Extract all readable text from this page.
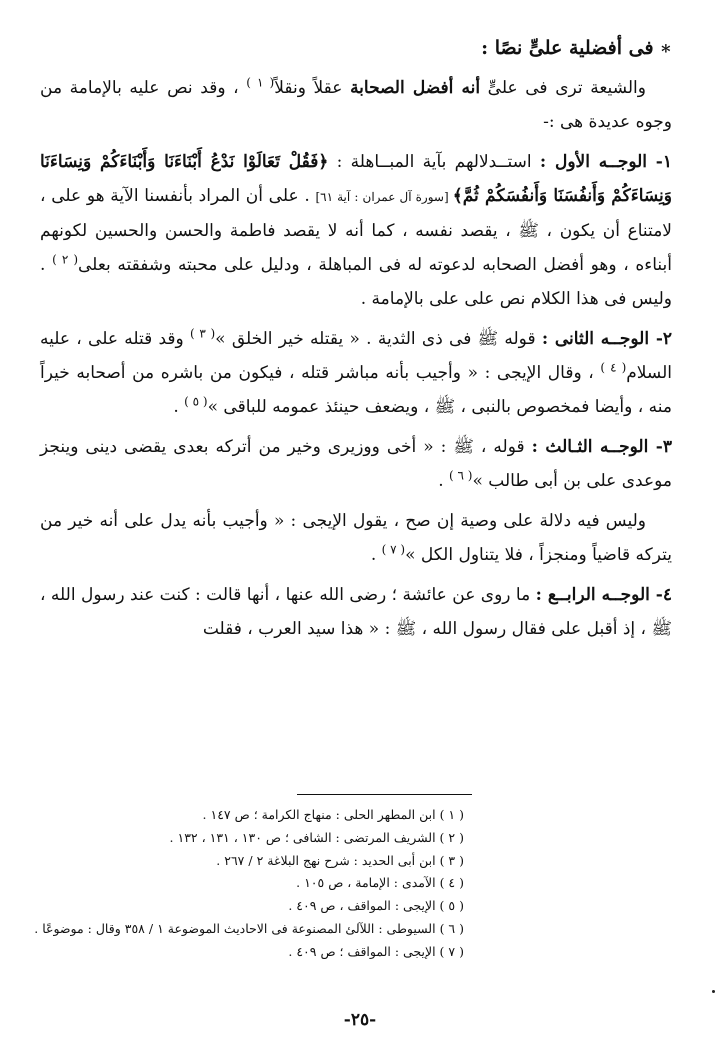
∗فى أفضلية علىٍّ نصًا :

والشيعة ترى فى علىٍّ أنه أفضل الصحابة عقلاً ونقلاً$^{( ١ )}$ ، وقد نص عليه بالإمامة من وجوه عديدة هى :-

١- الوجــه الأول : استــدلالهم بآية المبــاهلة : ﴿فَقُلْ تَعَالَوْا نَدْعُ أَبْنَاءَنَا وَأَبْنَاءَكُمْ وَنِسَاءَنَا وَنِسَاءَكُمْ وَأَنفُسَنَا وَأَنفُسَكُمْ ثُمَّ﴾ [سورة آل عمران : آية ٦١] . على أن المراد بأنفسنا الآية هو على ، لامتناع أن يكون ، ﷺ ، يقصد نفسه ، كما أنه لا يقصد فاطمة والحسن والحسين لكونهم أبناءه ، وهو أفضل الصحابه لدعوته له فى المباهلة ، ودليل على محبته وشفقته بعلى$^{( ٢ )}$ . وليس فى هذا الكلام نص على على بالإمامة .

٢- الوجــه الثانى : قوله ﷺ فى ذى الثدية . « يقتله خير الخلق »$^{( ٣ )}$ وقد قتله على ، عليه السلام$^{( ٤ )}$ ، وقال الإيجى : « وأجيب بأنه مباشر قتله ، فيكون من باشره من أصحابه خيراً منه ، وأيضا فمخصوص بالنبى ، ﷺ ، ويضعف حينئذ عمومه للباقى »$^{( ٥ )}$ .

٣- الوجــه الثـالث : قوله ، ﷺ : « أخى ووزيرى وخير من أتركه بعدى يقضى دينى وينجز موعدى على بن أبى طالب »$^{( ٦ )}$ .

وليس فيه دلالة على وصية إن صح ، يقول الإيجى : « وأجيب بأنه يدل على أنه خير من يتركه قاضياً ومنجزاً ، فلا يتناول الكل »$^{( ٧ )}$ .

٤- الوجــه الرابــع : ما روى عن عائشة ؛ رضى الله عنها ، أنها قالت : كنت عند رسول الله ، ﷺ ، إذ أقبل على فقال رسول الله ، ﷺ : « هذا سيد العرب ، فقلت

( ١ ) ابن المطهر الحلى : منهاج الكرامة ؛ ص ١٤٧ .
( ٢ ) الشريف المرتضى : الشافى ؛ ص ١٣٠ ، ١٣١ ، ١٣٢ .
( ٣ ) ابن أبى الحديد : شرح نهج البلاغة ٢ / ٢٦٧ .
( ٤ ) الآمدى : الإمامة ، ص ١٠٥ .
( ٥ ) الإيجى : المواقف ، ص ٤٠٩ .
( ٦ ) السيوطى : اللآلئ المصنوعة فى الاحاديث الموضوعة ١ / ٣٥٨ وقال : موضوعًا .
( ٧ ) الإيجى : المواقف ؛ ص ٤٠٩ .
-٢٥-
